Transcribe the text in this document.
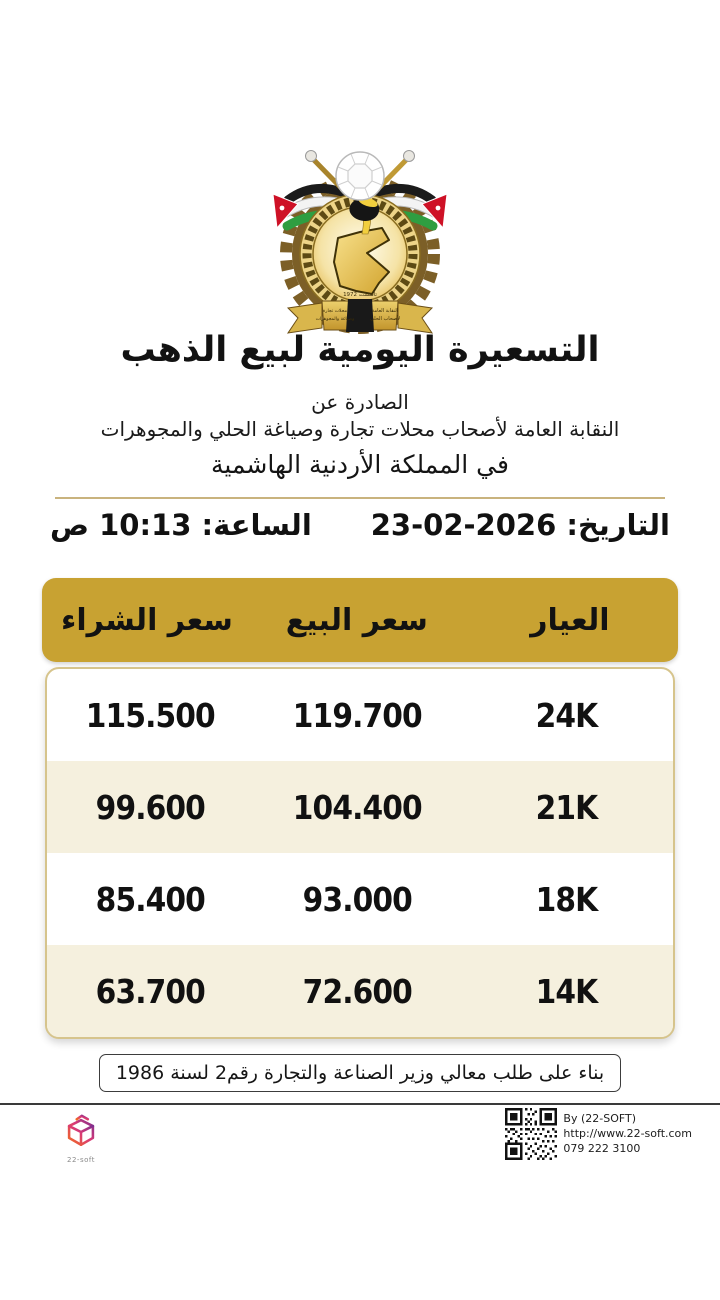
تأسست 1972
النقابة العامة
لأصحاب الحلي
محلات تجارة
وصياغة والمجوهرات
التسعيرة اليومية لبيع الذهب
الصادرة عن
النقابة العامة لأصحاب محلات تجارة وصياغة الحلي والمجوهرات
في المملكة الأردنية الهاشمية
التاريخ: 23-02-2026
الساعة: 10:13 ص
العيار
سعر البيع
سعر الشراء
24K
119.700
115.500
21K
104.400
99.600
18K
93.000
85.400
14K
72.600
63.700
بناء على طلب معالي وزير الصناعة والتجارة رقم2 لسنة 1986
22-soft
By (22-SOFT)
http://www.22-soft.com
079 222 3100
